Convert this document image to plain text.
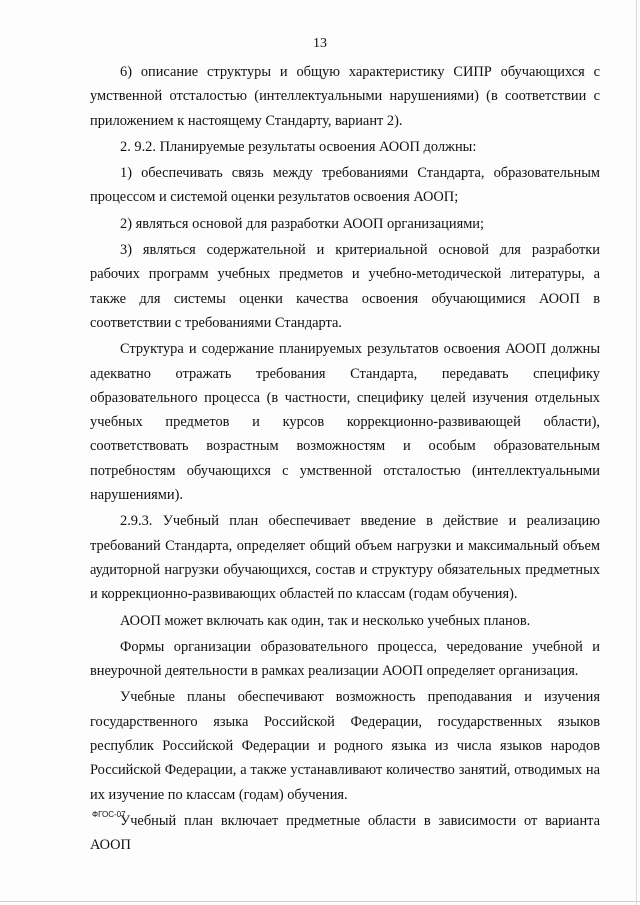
13

6) описание структуры и общую характеристику СИПР обучающихся с умственной отсталостью (интеллектуальными нарушениями) (в соответствии с приложением к настоящему Стандарту, вариант 2).

2. 9.2. Планируемые результаты освоения АООП должны:

1) обеспечивать связь между требованиями Стандарта, образовательным процессом и системой оценки результатов освоения АООП;

2) являться основой для разработки АООП организациями;

3) являться содержательной и критериальной основой для разработки рабочих программ учебных предметов и учебно-методической литературы, а также для системы оценки качества освоения обучающимися АООП в соответствии с требованиями Стандарта.

Структура и содержание планируемых результатов освоения АООП должны адекватно отражать требования Стандарта, передавать специфику образовательного процесса (в частности, специфику целей изучения отдельных учебных предметов и курсов коррекционно-развивающей области), соответствовать возрастным возможностям и особым образовательным потребностям обучающихся с умственной отсталостью (интеллектуальными нарушениями).

2.9.3. Учебный план обеспечивает введение в действие и реализацию требований Стандарта, определяет общий объем нагрузки и максимальный объем аудиторной нагрузки обучающихся, состав и структуру обязательных предметных и коррекционно-развивающих областей по классам (годам обучения).

АООП может включать как один, так и несколько учебных планов.

Формы организации образовательного процесса, чередование учебной и внеурочной деятельности в рамках реализации АООП определяет организация.

Учебные планы обеспечивают возможность преподавания и изучения государственного языка Российской Федерации, государственных языков республик Российской Федерации и родного языка из числа языков народов Российской Федерации, а также устанавливают количество занятий, отводимых на их изучение по классам (годам) обучения.

Учебный план включает предметные области в зависимости от варианта АООП

ФГОС-07
